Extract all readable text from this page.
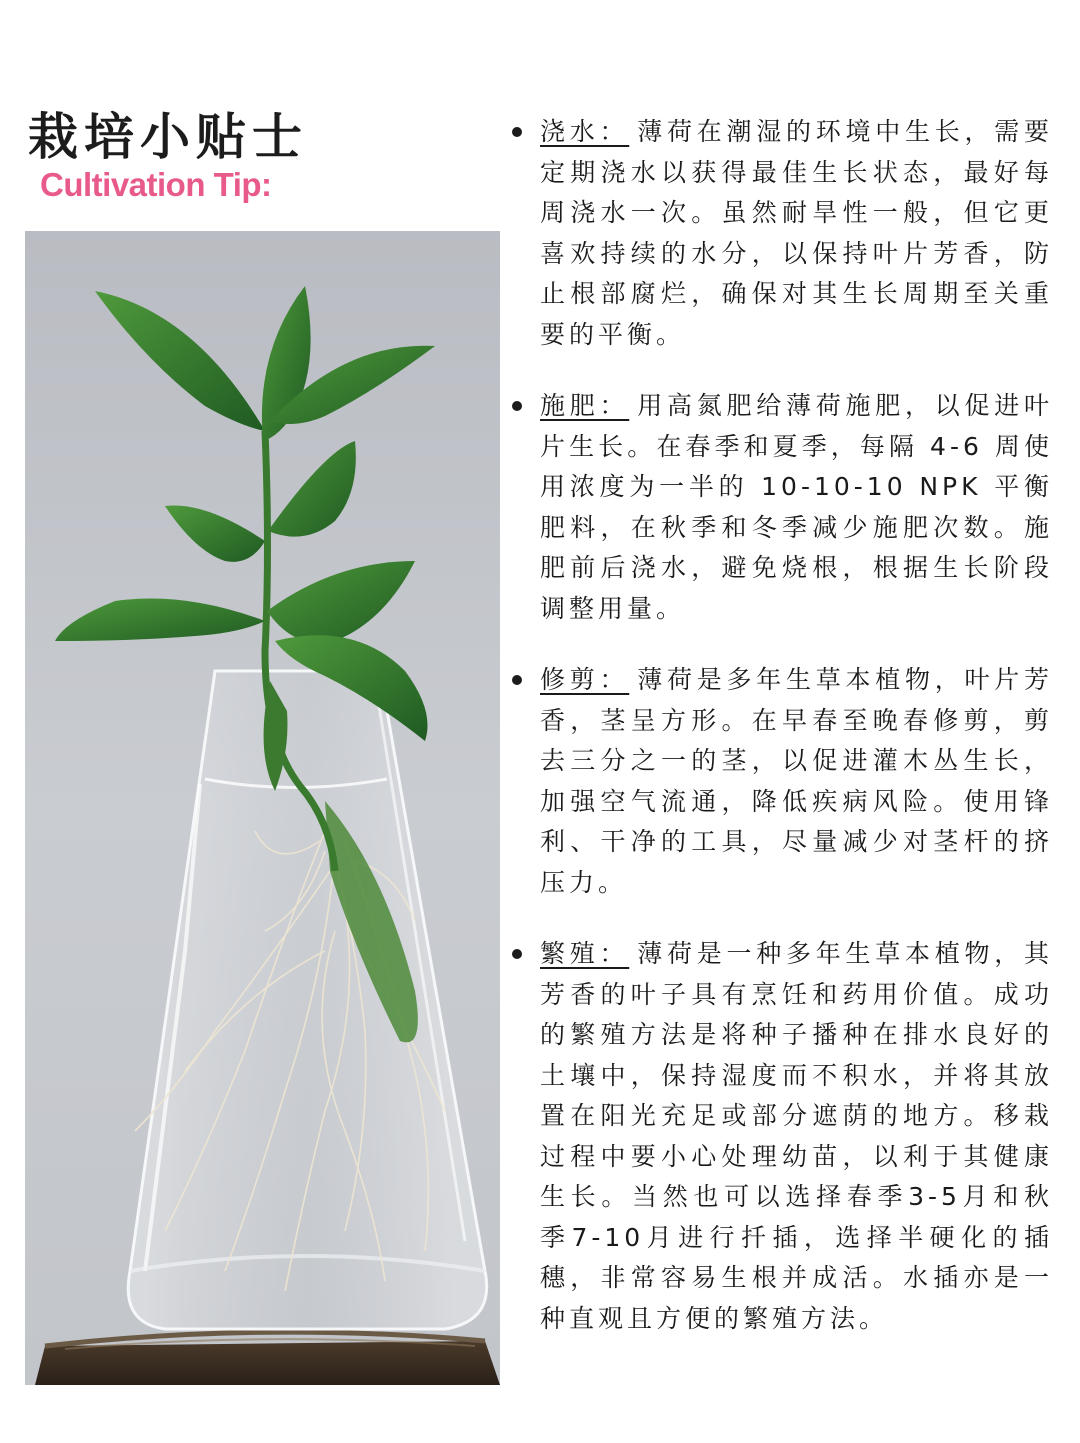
栽培小贴士
Cultivation Tip:
浇水： 薄荷在潮湿的环境中生长，需要定期浇水以获得最佳生长状态，最好每周浇水一次。虽然耐旱性一般，但它更喜欢持续的水分，以保持叶片芳香，防止根部腐烂，确保对其生长周期至关重要的平衡。
施肥： 用高氮肥给薄荷施肥，以促进叶片生长。在春季和夏季，每隔 4-6 周使用浓度为一半的 10-10-10 NPK 平衡肥料，在秋季和冬季减少施肥次数。施肥前后浇水，避免烧根，根据生长阶段调整用量。
修剪： 薄荷是多年生草本植物，叶片芳香，茎呈方形。在早春至晚春修剪，剪去三分之一的茎，以促进灌木丛生长，加强空气流通，降低疾病风险。使用锋利、干净的工具，尽量减少对茎杆的挤压力。
繁殖： 薄荷是一种多年生草本植物，其芳香的叶子具有烹饪和药用价值。成功的繁殖方法是将种子播种在排水良好的土壤中，保持湿度而不积水，并将其放置在阳光充足或部分遮荫的地方。移栽过程中要小心处理幼苗，以利于其健康生长。当然也可以选择春季3-5月和秋季7-10月进行扦插，选择半硬化的插穗，非常容易生根并成活。水插亦是一种直观且方便的繁殖方法。
